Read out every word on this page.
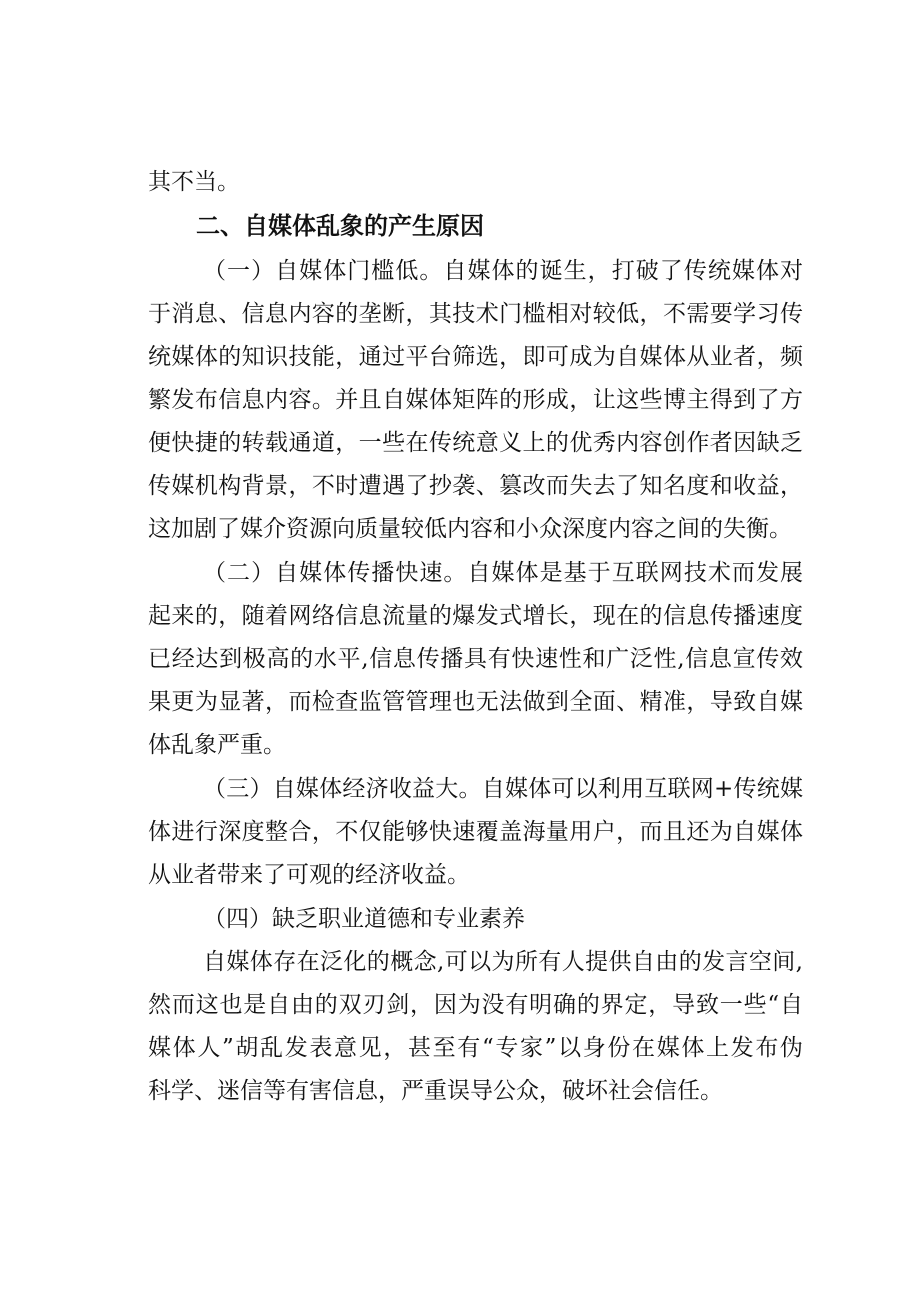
其不当。
二、自媒体乱象的产生原因
（一）自媒体门槛低。自媒体的诞生，打破了传统媒体对
于消息、信息内容的垄断，其技术门槛相对较低，不需要学习传
统媒体的知识技能，通过平台筛选，即可成为自媒体从业者，频
繁发布信息内容。并且自媒体矩阵的形成，让这些博主得到了方
便快捷的转载通道，一些在传统意义上的优秀内容创作者因缺乏
传媒机构背景，不时遭遇了抄袭、篡改而失去了知名度和收益，
这加剧了媒介资源向质量较低内容和小众深度内容之间的失衡。
（二）自媒体传播快速。自媒体是基于互联网技术而发展
起来的，随着网络信息流量的爆发式增长，现在的信息传播速度
已经达到极高的水平,信息传播具有快速性和广泛性,信息宣传效
果更为显著，而检查监管管理也无法做到全面、精准，导致自媒
体乱象严重。
（三）自媒体经济收益大。自媒体可以利用互联网+传统媒
体进行深度整合，不仅能够快速覆盖海量用户，而且还为自媒体
从业者带来了可观的经济收益。
（四）缺乏职业道德和专业素养
自媒体存在泛化的概念,可以为所有人提供自由的发言空间,
然而这也是自由的双刃剑，因为没有明确的界定，导致一些“自
媒体人”胡乱发表意见，甚至有“专家”以身份在媒体上发布伪
科学、迷信等有害信息，严重误导公众，破坏社会信任。
